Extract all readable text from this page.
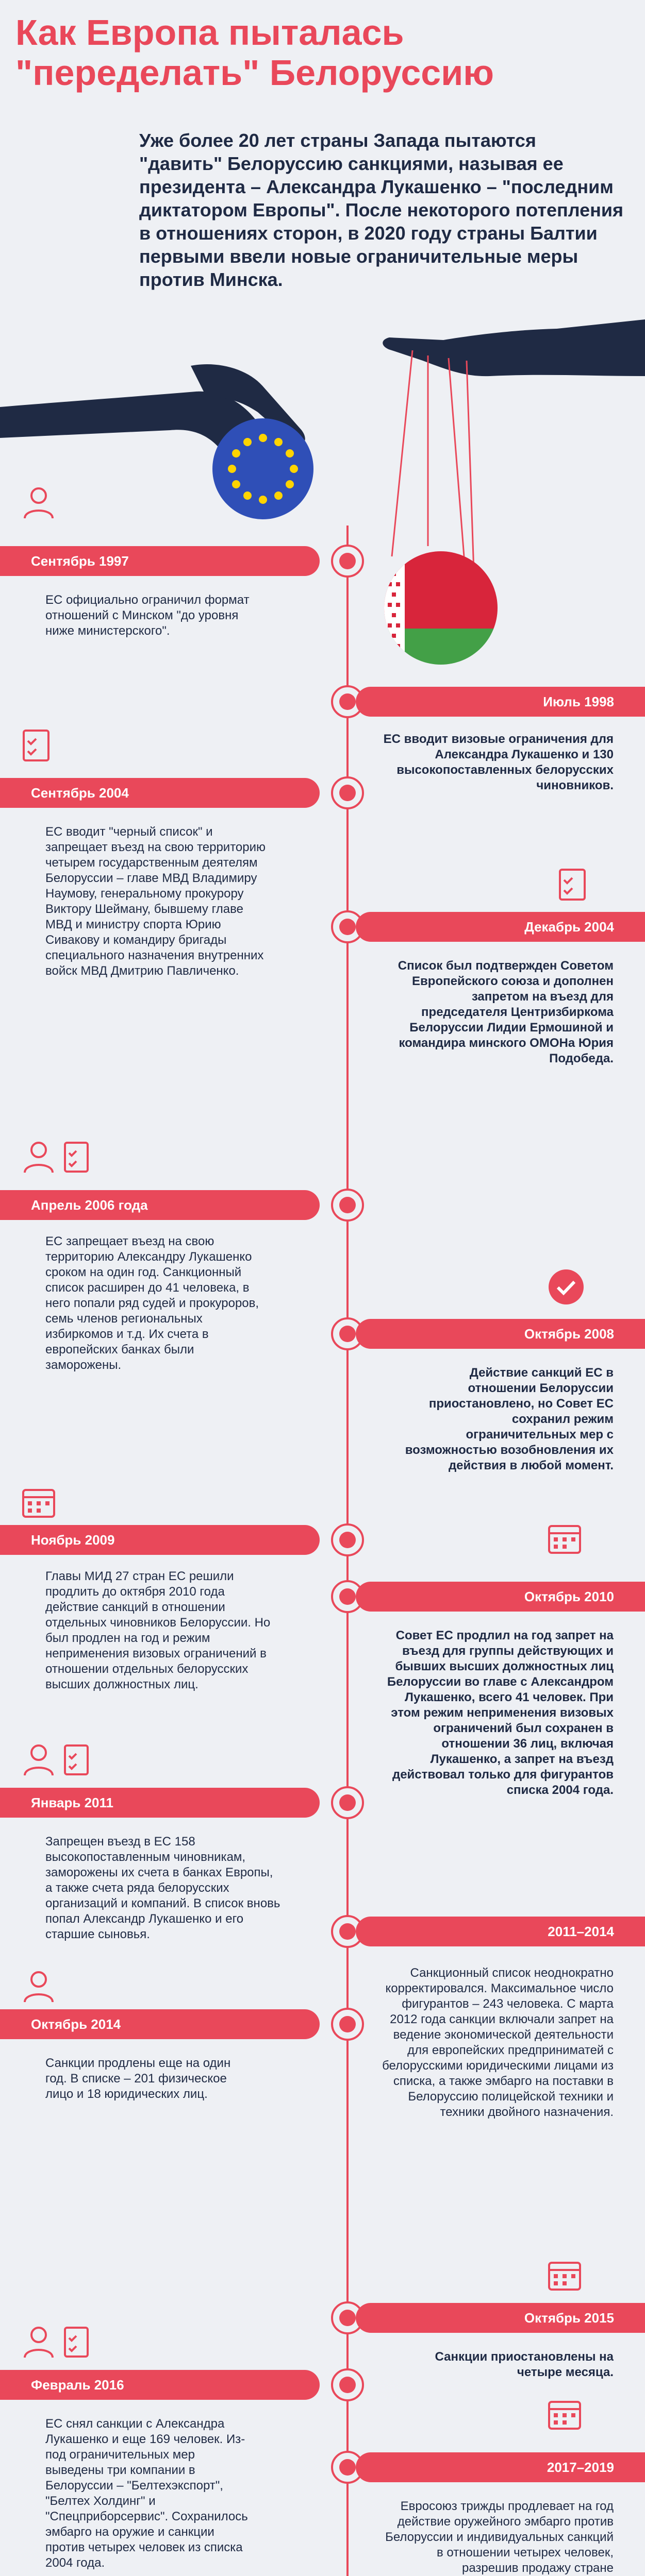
Как Европа пыталась
"переделать" Белоруссию

Уже более 20 лет страны Запада пытаются "давить" Белоруссию санкциями, называя ее президента – Александра Лукашенко – "последним диктатором Европы". После некоторого потепления в отношениях сторон, в 2020 году страны Балтии первыми ввели новые ограничительные меры против Минска.

Сентябрь 1997

ЕС официально ограничил формат отношений с Минском "до уровня ниже министерского".

Июль 1998

ЕС вводит визовые ограничения для Александра Лукашенко и 130 высокопоставленных белорусских чиновников.

Сентябрь 2004

ЕС вводит "черный список" и запрещает въезд на свою территорию четырем государственным деятелям Белоруссии – главе МВД Владимиру Наумову, генеральному прокурору Виктору Шейману, бывшему главе МВД и министру спорта Юрию Сивакову и командиру бригады специального назначения внутренних войск МВД Дмитрию Павличенко.

Декабрь 2004

Список был подтвержден Советом Европейского союза и дополнен запретом на въезд для председателя Центризбиркома Белоруссии Лидии Ермошиной и командира минского ОМОНа Юрия Подобеда.

Апрель 2006 года

ЕС запрещает въезд на свою территорию Александру Лукашенко сроком на один год. Санкционный список расширен до 41 человека, в него попали ряд судей и прокуроров, семь членов региональных избиркомов и т.д. Их счета в европейских банках были заморожены.

Октябрь 2008

Действие санкций ЕС в отношении Белоруссии приостановлено, но Совет ЕС сохранил режим ограничительных мер с возможностью возобновления их действия в любой момент.

Ноябрь 2009

Главы МИД 27 стран ЕС решили продлить до октября 2010 года действие санкций в отношении отдельных чиновников Белоруссии. Но был продлен на год и режим неприменения визовых ограничений в отношении отдельных белорусских высших должностных лиц.

Октябрь 2010

Совет ЕС продлил на год запрет на въезд для группы действующих и бывших высших должностных лиц Белоруссии во главе с Александром Лукашенко, всего 41 человек. При этом режим неприменения визовых ограничений был сохранен в отношении 36 лиц, включая Лукашенко, а запрет на въезд действовал только для фигурантов списка 2004 года.

Январь 2011

Запрещен въезд в ЕС 158 высокопоставленным чиновникам, заморожены их счета в банках Европы, а также счета ряда белорусских организаций и компаний. В список вновь попал Александр Лукашенко и его старшие сыновья.	2011–2014

Санкционный список неоднократно корректировался. Максимальное число фигурантов – 243 человека. С марта 2012 года санкции включали запрет на ведение экономической деятельности для европейских предприниматей с белорусскими юридическими лицами из списка, а также эмбарго на поставки в Белоруссию полицейской техники и техники двойного назначения.

Октябрь 2014

Санкции продлены еще на один год. В списке – 201 физическое лицо и 18 юридических лиц.

Октябрь 2015

Санкции приостановлены на четыре месяца.

Февраль 2016

ЕС снял санкции с Александра Лукашенко и еще 169 человек. Из-под ограничительных мер выведены три компании в Белоруссии – "Белтехэкспорт", "Белтех Холдинг" и "Спецприборсервис". Сохранилось эмбарго на оружие и санкции против четырех человек из списка 2004 года.

2017–2019

Евросоюз трижды продлевает на год действие оружейного эмбарго против Белоруссии и индивидуальных санкций в отношении четырех человек, разрешив продажу стране
